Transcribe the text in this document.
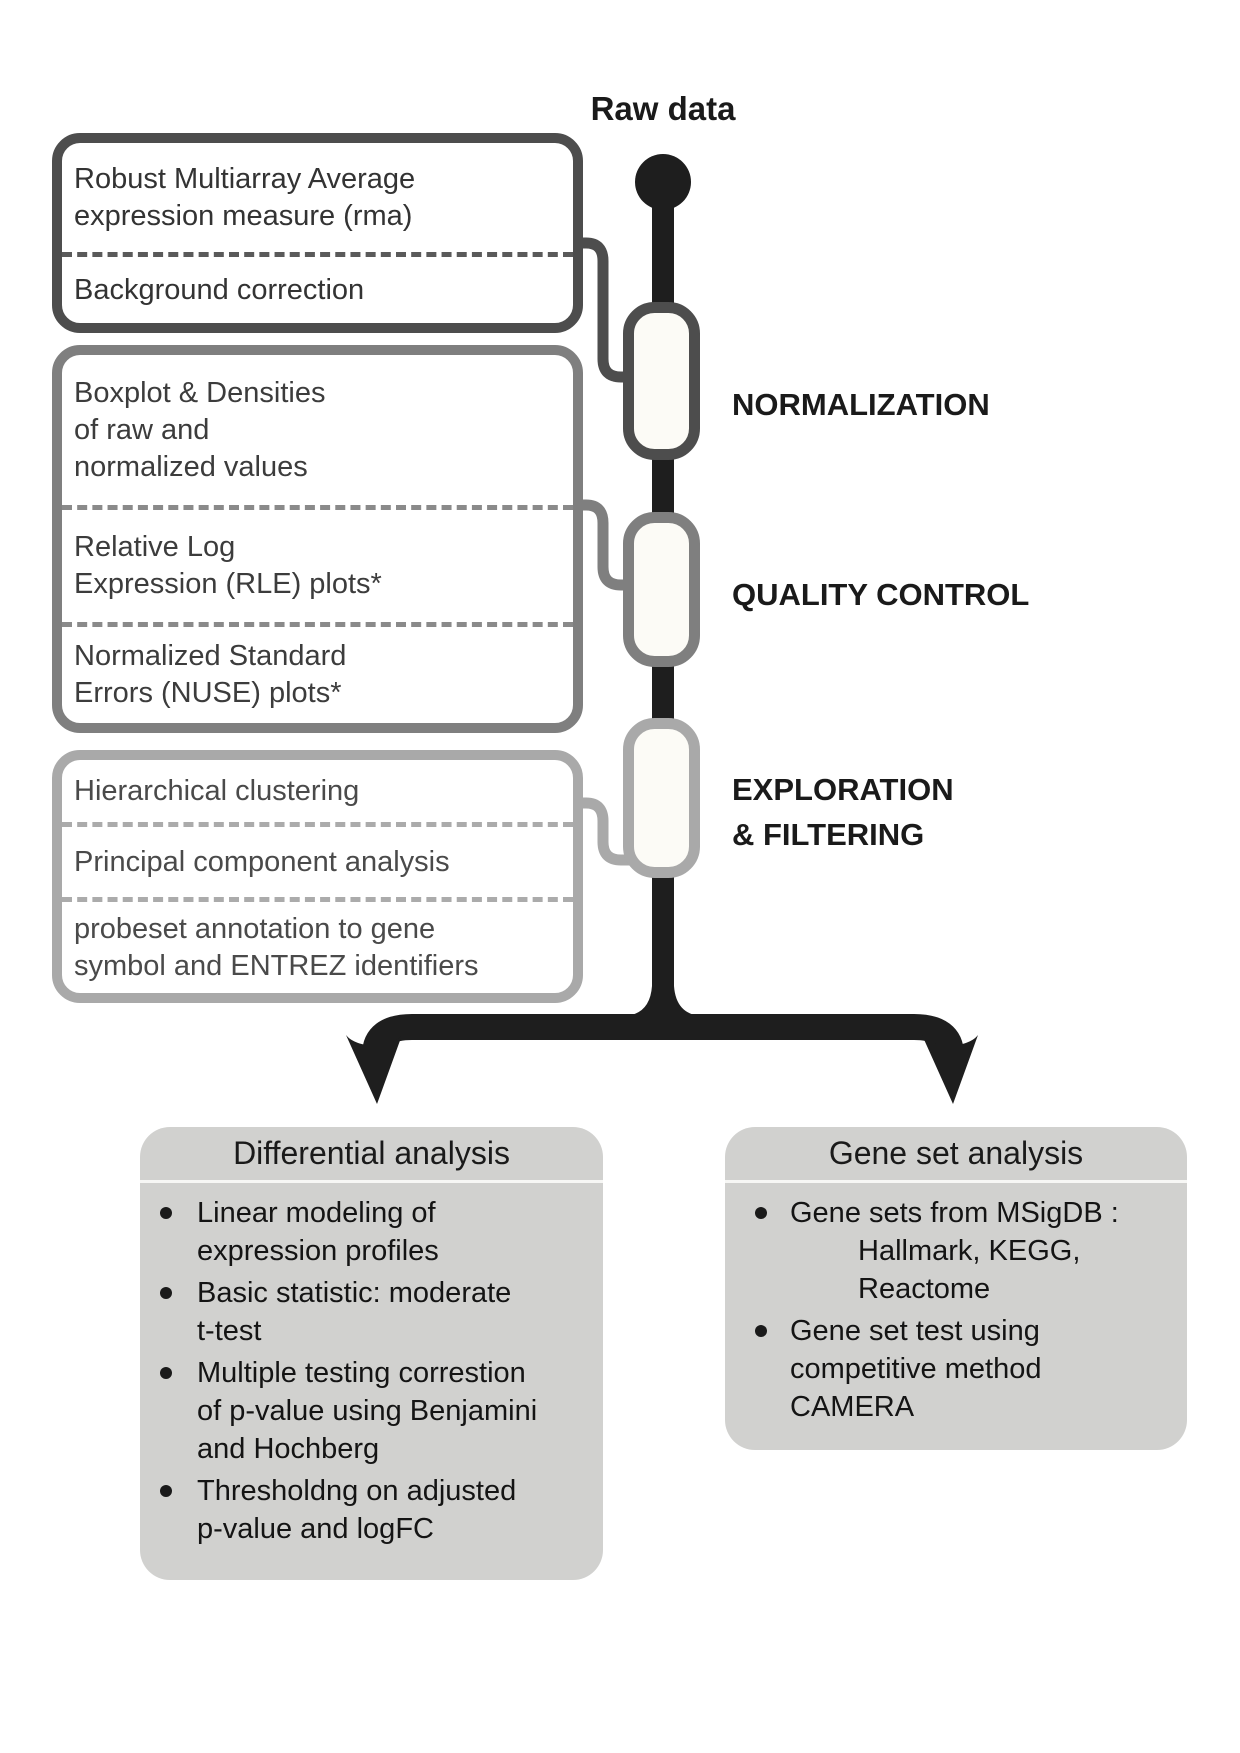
Raw data
NORMALIZATION
QUALITY CONTROL
EXPLORATION
& FILTERING
Robust Multiarray Average
expression measure (rma)
Background correction
Boxplot & Densities
of raw and
normalized values
Relative Log
Expression (RLE) plots*
Normalized Standard
Errors (NUSE) plots*
Hierarchical clustering
Principal component analysis
probeset annotation to gene
symbol and ENTREZ identifiers
Differential analysis
Linear modeling of
expression profiles
Basic statistic: moderate
t-test
Multiple testing correstion
of p-value using Benjamini
and Hochberg
Thresholdng on adjusted
p-value and logFC
Gene set analysis
Gene sets from MSigDB :
Hallmark, KEGG,
Reactome
Gene set test using
competitive method
CAMERA
